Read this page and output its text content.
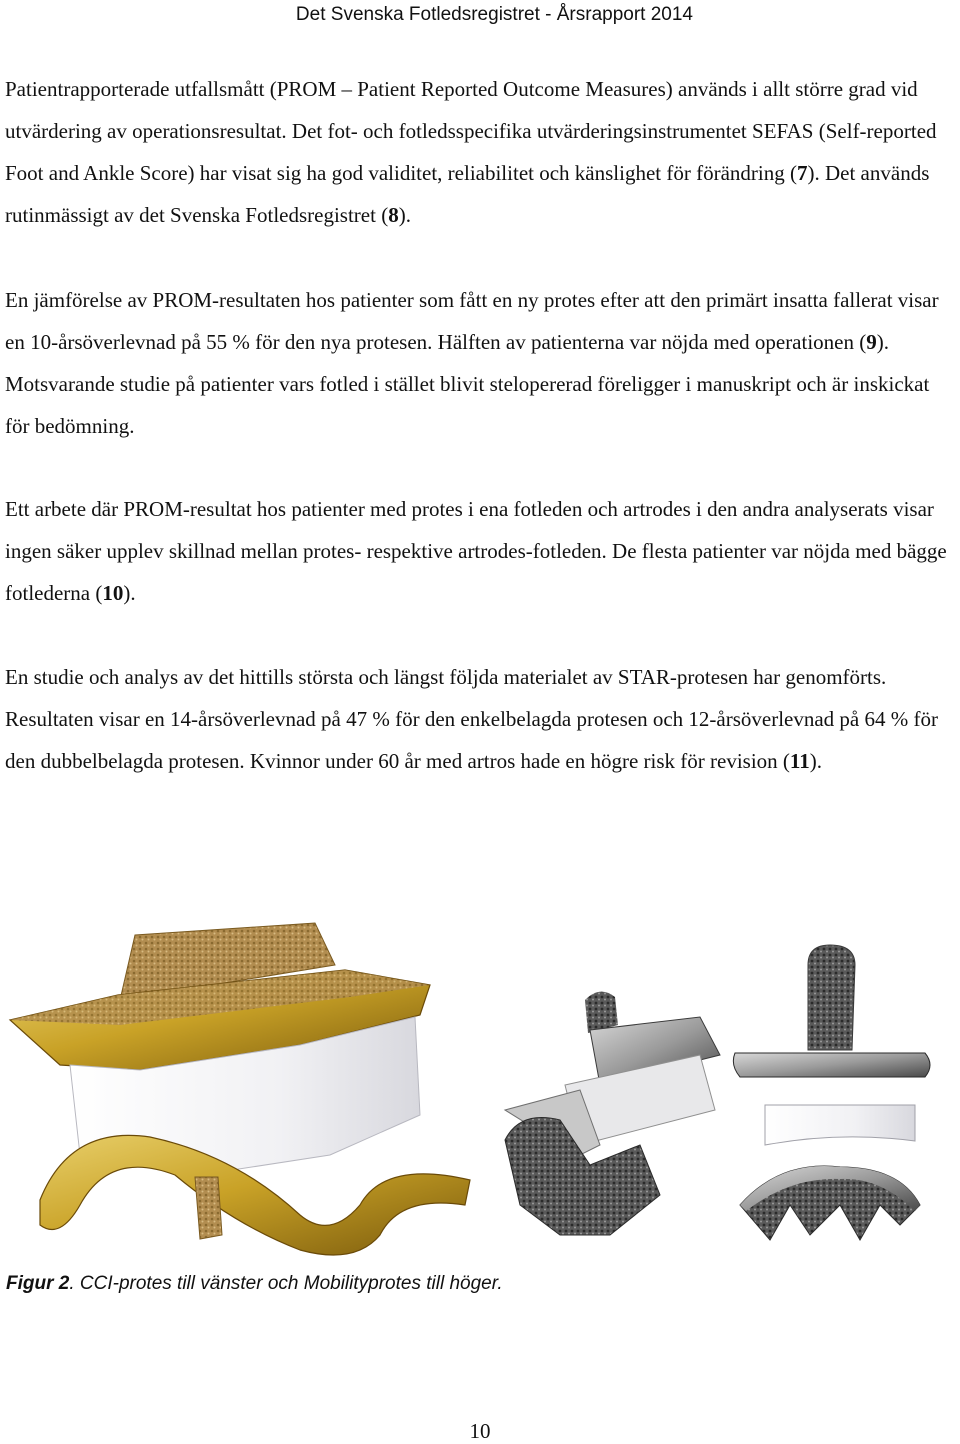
Det Svenska Fotledsregistret - Årsrapport 2014

Patientrapporterade utfallsmått (PROM – Patient Reported Outcome Measures) används i allt större grad vid utvärdering av operationsresultat. Det fot- och fotledsspecifika utvärderingsinstrumentet SEFAS (Self-reported Foot and Ankle Score) har visat sig ha god validitet, reliabilitet och känslighet för förändring (7). Det används rutinmässigt av det Svenska Fotledsregistret (8).

En jämförelse av PROM-resultaten hos patienter som fått en ny protes efter att den primärt insatta fallerat visar en 10-årsöverlevnad på 55 % för den nya protesen. Hälften av patienterna var nöjda med operationen (9). Motsvarande studie på patienter vars fotled i stället blivit stelopererad föreligger i manuskript och är inskickat för bedömning.

Ett arbete där PROM-resultat hos patienter med protes i ena fotleden och artrodes i den andra analyserats visar ingen säker upplev skillnad mellan protes- respektive artrodes-fotleden. De flesta patienter var nöjda med bägge fotlederna (10).

En studie och analys av det hittills största och längst följda materialet av STAR-protesen har genomförts. Resultaten visar en 14-årsöverlevnad på 47 % för den enkelbelagda protesen och 12-årsöverlevnad på 64 % för den dubbelbelagda protesen. Kvinnor under 60 år med artros hade en högre risk för revision (11).

Figur 2. CCI-protes till vänster och Mobilityprotes till höger.
10
